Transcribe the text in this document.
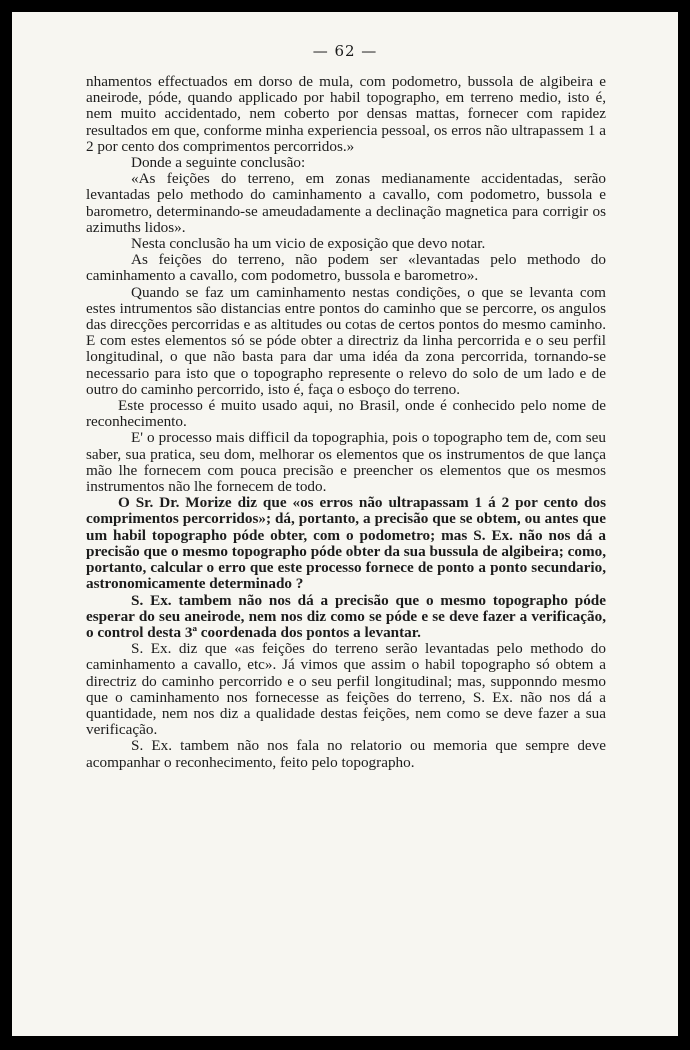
— 62 —

nhamentos effectuados em dorso de mula, com podometro, bussola de algibeira e aneirode, póde, quando applicado por habil topographo, em terreno medio, isto é, nem muito accidentado, nem coberto por densas mattas, fornecer com rapidez resultados em que, conforme minha experiencia pessoal, os erros não ultrapassem 1 a 2 por cento dos comprimentos percorridos.»

Donde a seguinte conclusão:

«As feições do terreno, em zonas medianamente accidentadas, serão levantadas pelo methodo do caminhamento a cavallo, com podometro, bussola e barometro, determinando-se ameudadamente a declinação magnetica para corrigir os azimuths lidos».

Nesta conclusão ha um vicio de exposição que devo notar.

As feições do terreno, não podem ser «levantadas pelo methodo do caminhamento a cavallo, com podometro, bussola e barometro».

Quando se faz um caminhamento nestas condições, o que se levanta com estes intrumentos são distancias entre pontos do caminho que se percorre, os angulos das direcções percorridas e as altitudes ou cotas de certos pontos do mesmo caminho. E com estes elementos só se póde obter a directriz da linha percorrida e o seu perfil longitudinal, o que não basta para dar uma idéa da zona percorrida, tornando-se necessario para isto que o topographo represente o relevo do solo de um lado e de outro do caminho percorrido, isto é, faça o esboço do terreno.

Este processo é muito usado aqui, no Brasil, onde é conhecido pelo nome de reconhecimento.

E' o processo mais difficil da topographia, pois o topographo tem de, com seu saber, sua pratica, seu dom, melhorar os elementos que os instrumentos de que lança mão lhe fornecem com pouca precisão e preencher os elementos que os mesmos instrumentos não lhe fornecem de todo.

O Sr. Dr. Morize diz que «os erros não ultrapassam 1 á 2 por cento dos comprimentos percorridos»; dá, portanto, a precisão que se obtem, ou antes que um habil topographo póde obter, com o podometro; mas S. Ex. não nos dá a precisão que o mesmo topographo póde obter da sua bussula de algibeira; como, portanto, calcular o erro que este processo fornece de ponto a ponto secundario, astronomicamente determinado ?

S. Ex. tambem não nos dá a precisão que o mesmo topographo póde esperar do seu aneirode, nem nos diz como se póde e se deve fazer a verificação, o control desta 3ª coordenada dos pontos a levantar.

S. Ex. diz que «as feições do terreno serão levantadas pelo methodo do caminhamento a cavallo, etc». Já vimos que assim o habil topographo só obtem a directriz do caminho percorrido e o seu perfil longitudinal; mas, supponndo mesmo que o caminhamento nos fornecesse as feições do terreno, S. Ex. não nos dá a quantidade, nem nos diz a qualidade destas feições, nem como se deve fazer a sua verificação.

S. Ex. tambem não nos fala no relatorio ou memoria que sempre deve acompanhar o reconhecimento, feito pelo topographo.
